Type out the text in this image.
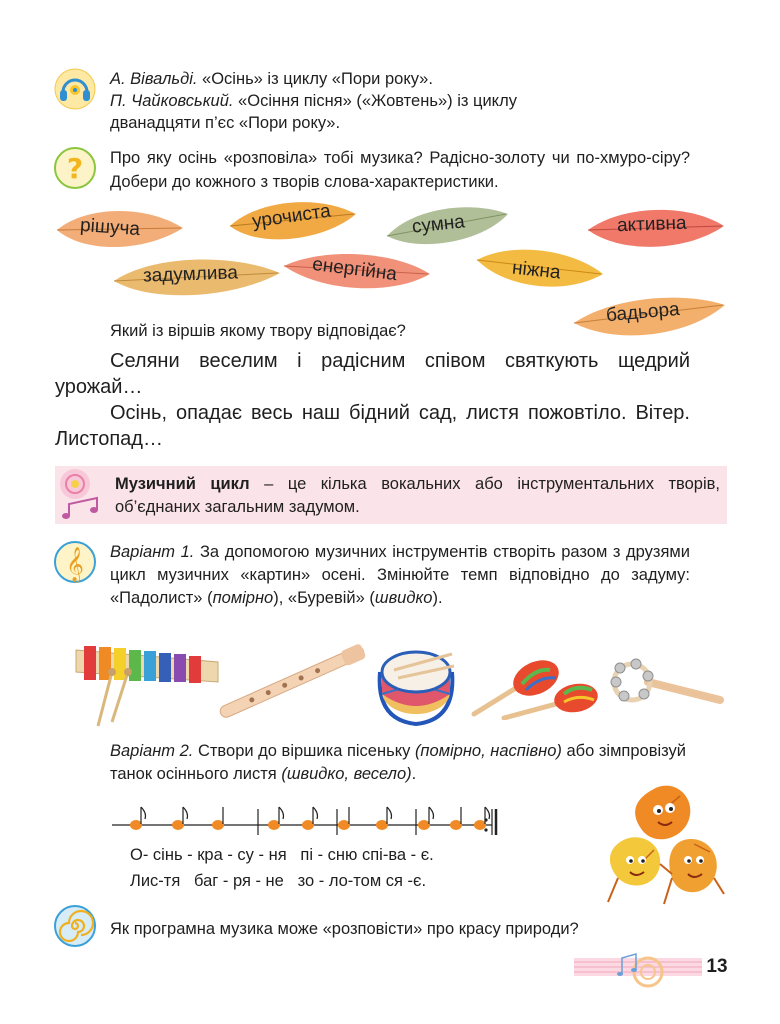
А. Вівальді. «Осінь» із циклу «Пори року».
П. Чайковський. «Осіння пісня» («Жовтень») із циклу
дванадцяти п’єс «Пори року».
? Про яку осінь «розповіла» тобі музика? Радісно-золоту чи по-хмуро-сіру? Добери до кожного з творів слова-характеристики.
рішуча	урочиста	сумна	активна
задумлива	енергійна	ніжна
бадьора
Який із віршів якому твору відповідає?

Селяни веселим і радісним співом святкують щедрий урожай…

Осінь, опадає весь наш бідний сад, листя пожовтіло. Вітер. Листопад…

Музичний цикл – це кілька вокальних або інструментальних творів, об’єднаних загальним задумом.
𝄞 Варіант 1. За допомогою музичних інструментів створіть разом з друзями цикл музичних «картин» осені. Змінюйте темп відповідно до задуму: «Падолист» (помірно), «Буревій» (швидко).
Варіант 2. Створи до віршика пісеньку (помірно, наспівно) або зімпровізуй танок осіннього листя (швидко, весело).
О- сінь - кра - су - ня   пі - сню спі-ва - є.
Лис-тя   баг - ря - не   зо - ло-том ся -є.
Як програмна музика може «розповісти» про красу природи?
13
